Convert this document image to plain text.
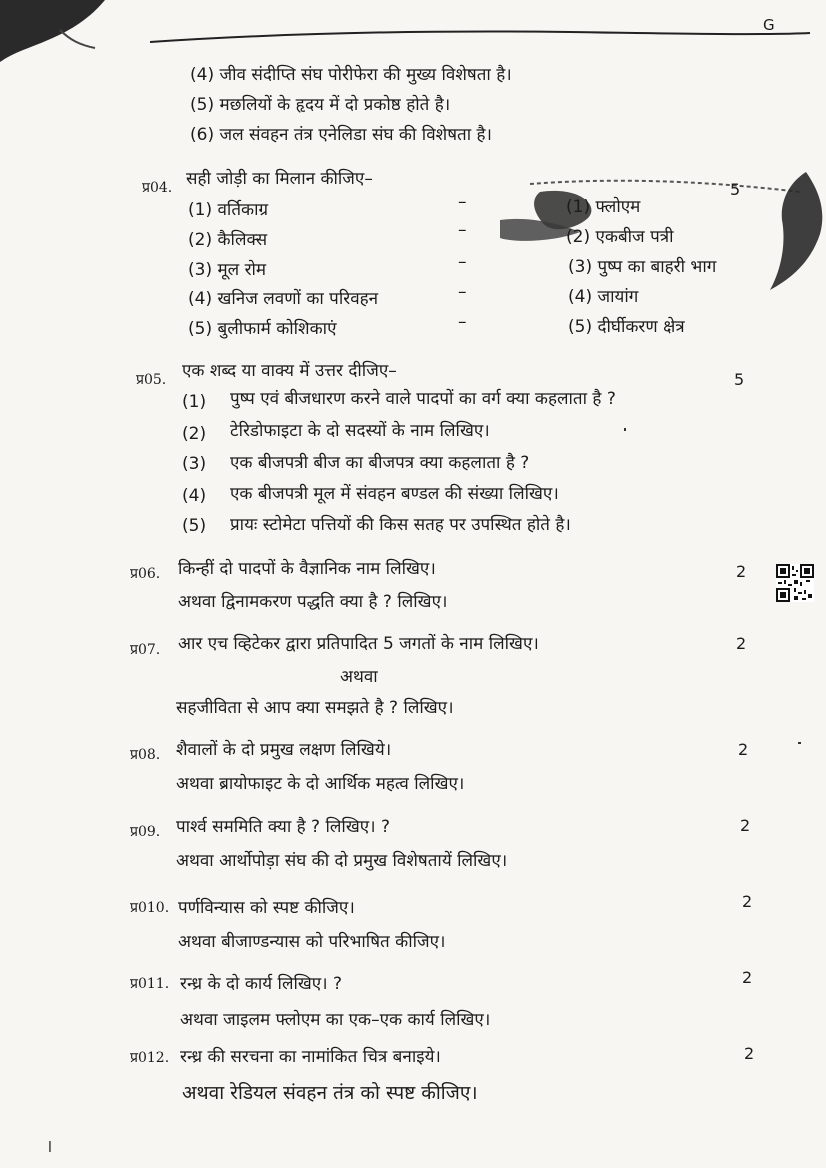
G
(4) जीव संदीप्ति संघ पोरीफेरा की मुख्य विशेषता है।
(5) मछलियों के हृदय में दो प्रकोष्ठ होते है।
(6) जल संवहन तंत्र एनेलिडा संघ की विशेषता है।
प्र04. सही जोड़ी का मिलान कीजिए–
5
(1) वर्तिकाग्र
(2) कैलिक्स
(3) मूल रोम
(4) खनिज लवणों का परिवहन
(5) बुलीफार्म कोशिकाएं
–
–
–
–
–
(1) फ्लोएम
(2) एकबीज पत्री
(3) पुष्प का बाहरी भाग
(4) जायांग
(5) दीर्घीकरण क्षेत्र
प्र05. एक शब्द या वाक्य में उत्तर दीजिए–	5
(1) पुष्प एवं बीजधारण करने वाले पादपों का वर्ग क्या कहलाता है ?
(2) टेरिडोफाइटा के दो सदस्यों के नाम लिखिए।
(3) एक बीजपत्री बीज का बीजपत्र क्या कहलाता है ?
(4) एक बीजपत्री मूल में संवहन बण्डल की संख्या लिखिए।
(5) प्रायः स्टोमेटा पत्तियों की किस सतह पर उपस्थित होते है।
प्र06. किन्हीं दो पादपों के वैज्ञानिक नाम लिखिए।
अथवा द्विनामकरण पद्धति क्या है ? लिखिए।
2
प्र07. आर एच व्हिटेकर द्वारा प्रतिपादित 5 जगतों के नाम लिखिए।
अथवा
सहजीविता से आप क्या समझते है ? लिखिए।
2
प्र08. शैवालों के दो प्रमुख लक्षण लिखिये।
अथवा ब्रायोफाइट के दो आर्थिक महत्व लिखिए।
2
प्र09. पार्श्व सममिति क्या है ? लिखिए। ?
अथवा आर्थोपोड़ा संघ की दो प्रमुख विशेषतायें लिखिए।
2
प्र010. पर्णविन्यास को स्पष्ट कीजिए।
अथवा बीजाण्डन्यास को परिभाषित कीजिए।
2
प्र011. रन्ध्र के दो कार्य लिखिए। ?
अथवा जाइलम फ्लोएम का एक–एक कार्य लिखिए।
2
प्र012. रन्ध्र की सरचना का नामांकित चित्र बनाइये।
अथवा रेडियल संवहन तंत्र को स्पष्ट कीजिए।
2
l
